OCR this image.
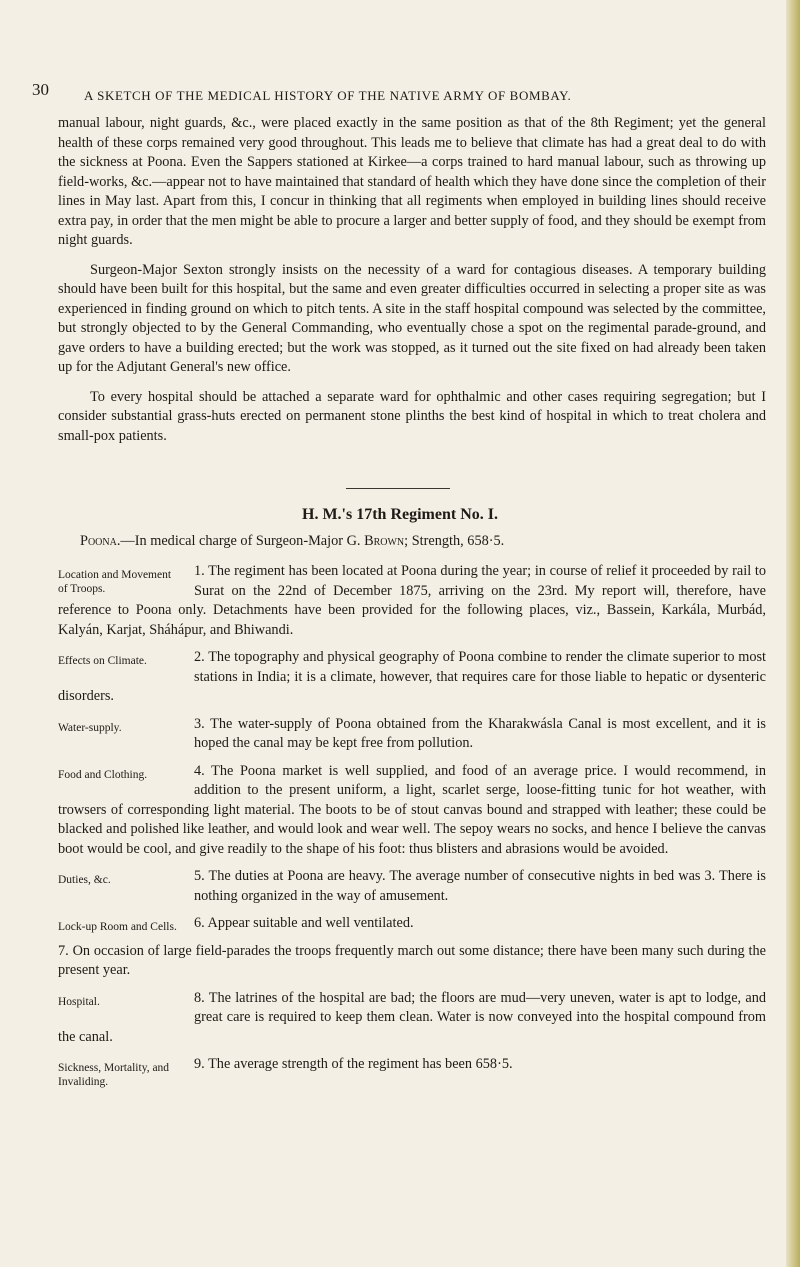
30	A SKETCH OF THE MEDICAL HISTORY OF THE NATIVE ARMY OF BOMBAY.

manual labour, night guards, &c., were placed exactly in the same position as that of the 8th Regiment; yet the general health of these corps remained very good throughout. This leads me to believe that climate has had a great deal to do with the sickness at Poona. Even the Sappers stationed at Kirkee—a corps trained to hard manual labour, such as throwing up field-works, &c.—appear not to have maintained that standard of health which they have done since the completion of their lines in May last. Apart from this, I concur in thinking that all regiments when employed in building lines should receive extra pay, in order that the men might be able to procure a larger and better supply of food, and they should be exempt from night guards.

Surgeon-Major Sexton strongly insists on the necessity of a ward for contagious diseases. A temporary building should have been built for this hospital, but the same and even greater difficulties occurred in selecting a proper site as was experienced in finding ground on which to pitch tents. A site in the staff hospital compound was selected by the committee, but strongly objected to by the General Commanding, who eventually chose a spot on the regimental parade-ground, and gave orders to have a building erected; but the work was stopped, as it turned out the site fixed on had already been taken up for the Adjutant General's new office.

To every hospital should be attached a separate ward for ophthalmic and other cases requiring segregation; but I consider substantial grass-huts erected on permanent stone plinths the best kind of hospital in which to treat cholera and small-pox patients.

H. M.'s 17th Regiment No. I.
Poona.—In medical charge of Surgeon-Major G. Brown; Strength, 658·5.
Location and Movement of Troops.
1. The regiment has been located at Poona during the year; in course of relief it proceeded by rail to Surat on the 22nd of December 1875, arriving on the 23rd. My report will, therefore, have reference to Poona only. Detachments have been provided for the following places, viz., Bassein, Karkála, Murbád, Kalyán, Karjat, Sháhápur, and Bhiwandi.
Effects on Climate.	2. The topography and physical geography of Poona combine to render the climate superior to most stations in India; it is a climate, however, that requires care for those liable to hepatic or dysenteric disorders.
Water-supply.	3. The water-supply of Poona obtained from the Kharakwásla Canal is most excellent, and it is hoped the canal may be kept free from pollution.
Food and Clothing.	4. The Poona market is well supplied, and food of an average price. I would recommend, in addition to the present uniform, a light, scarlet serge, loose-fitting tunic for hot weather, with trowsers of corresponding light material. The boots to be of stout canvas bound and strapped with leather; these could be blacked and polished like leather, and would look and wear well. The sepoy wears no socks, and hence I believe the canvas boot would be cool, and give readily to the shape of his foot: thus blisters and abrasions would be avoided.
Duties, &c.	5. The duties at Poona are heavy. The average number of consecutive nights in bed was 3. There is nothing organized in the way of amusement.
Lock-up Room and Cells.	6. Appear suitable and well ventilated.
7. On occasion of large field-parades the troops frequently march out some distance; there have been many such during the present year.
Hospital.	8. The latrines of the hospital are bad; the floors are mud—very uneven, water is apt to lodge, and great care is required to keep them clean. Water is now conveyed into the hospital compound from the canal.
Sickness, Mortality, and Invaliding.
9. The average strength of the regiment has been 658·5.
